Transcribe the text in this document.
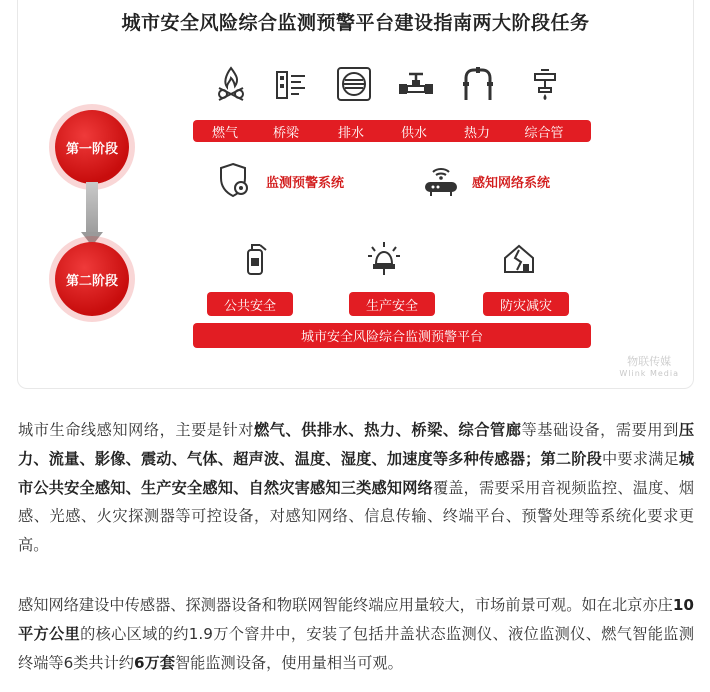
城市安全风险综合监测预警平台建设指南两大阶段任务
第一阶段
第二阶段
燃气	桥梁	排水	供水	热力	综合管
监测预警系统	感知网络系统
公共安全	生产安全	防灾减灾
城市安全风险综合监测预警平台
物联传媒
Wlink Media
城市生命线感知网络，主要是针对燃气、供排水、热力、桥梁、综合管廊等基础设备，需要用到压力、流量、影像、震动、气体、超声波、温度、湿度、加速度等多种传感器；第二阶段中要求满足城市公共安全感知、生产安全感知、自然灾害感知三类感知网络覆盖，需要采用音视频监控、温度、烟感、光感、火灾探测器等可控设备，对感知网络、信息传输、终端平台、预警处理等系统化要求更高。
感知网络建设中传感器、探测器设备和物联网智能终端应用量较大，市场前景可观。如在北京亦庄10平方公里的核心区域的约1.9万个窨井中，安装了包括井盖状态监测仪、液位监测仪、燃气智能监测终端等6类共计约6万套智能监测设备，使用量相当可观。
